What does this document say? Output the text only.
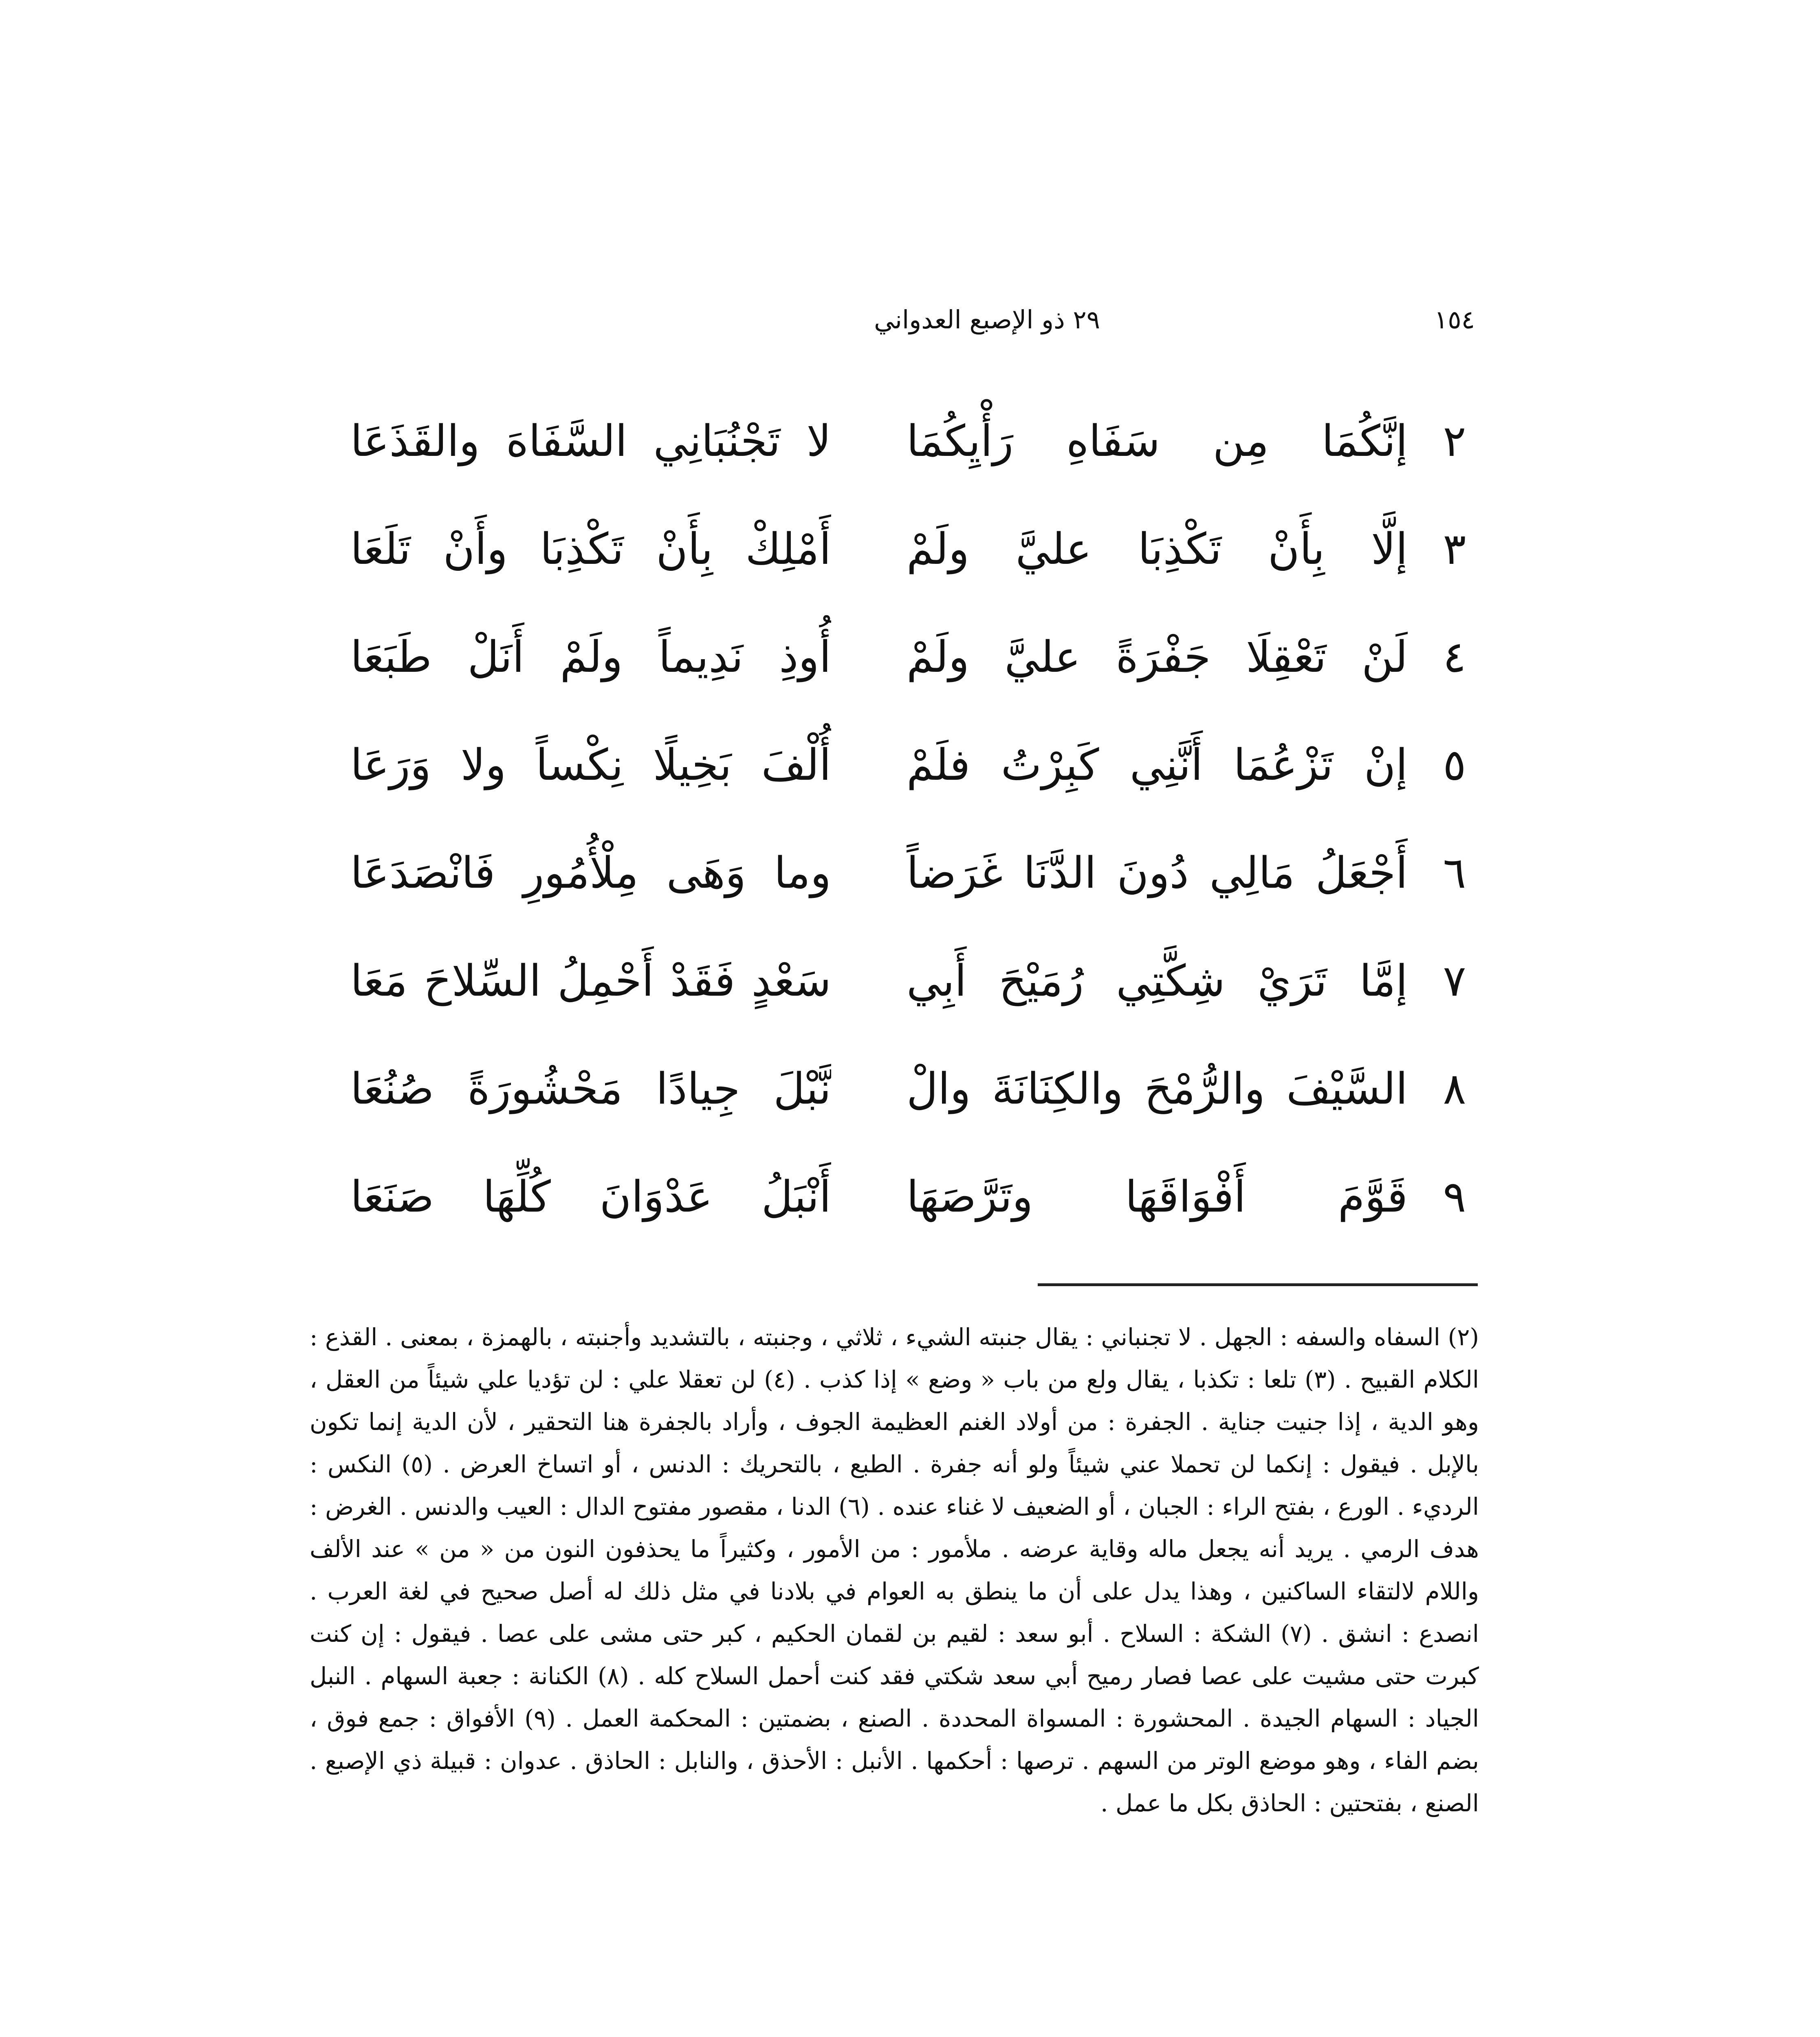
١٥٤
٢٩ ذو الإصبع العدواني
٢
إنَّكُمَا مِن سَفَاهِ رَأْيِكُمَا
لا تَجْنُبَانِي السَّفَاهَ والقَذَعَا
٣
إلَّا بِأَنْ تَكْذِبَا عليَّ ولَمْ
أَمْلِكْ بِأَنْ تَكْذِبَا وأَنْ تَلَعَا
٤
لَنْ تَعْقِلَا جَفْرَةً عليَّ ولَمْ
أُوذِ نَدِيماً ولَمْ أَنَلْ طَبَعَا
٥
إنْ تَزْعُمَا أَنَّنِي كَبِرْتُ فلَمْ
أُلْفَ بَخِيلًا نِكْساً ولا وَرَعَا
٦
أَجْعَلُ مَالِي دُونَ الدَّنَا غَرَضاً
وما وَهَى مِلْأُمُورِ فَانْصَدَعَا
٧
إمَّا تَرَيْ شِكَّتِي رُمَيْحَ أَبِي
سَعْدٍ فَقَدْ أَحْمِلُ السِّلاحَ مَعَا
٨
السَّيْفَ والرُّمْحَ والكِنَانَةَ والْ
نَّبْلَ جِيادًا مَحْشُورَةً صُنُعَا
٩
قَوَّمَ أَفْوَاقَهَا وتَرَّصَهَا
أَنْبَلُ عَدْوَانَ كُلِّهَا صَنَعَا

(٢) السفاه والسفه : الجهل . لا تجنباني : يقال جنبته الشيء ، ثلاثي ، وجنبته ، بالتشديد وأجنبته ، بالهمزة ، بمعنى . القذع : الكلام القبيح . (٣) تلعا : تكذبا ، يقال ولع من باب « وضع » إذا كذب . (٤) لن تعقلا علي : لن تؤديا علي شيئاً من العقل ، وهو الدية ، إذا جنيت جناية . الجفرة : من أولاد الغنم العظيمة الجوف ، وأراد بالجفرة هنا التحقير ، لأن الدية إنما تكون بالإبل . فيقول : إنكما لن تحملا عني شيئاً ولو أنه جفرة . الطبع ، بالتحريك : الدنس ، أو اتساخ العرض . (٥) النكس : الرديء . الورع ، بفتح الراء : الجبان ، أو الضعيف لا غناء عنده . (٦) الدنا ، مقصور مفتوح الدال : العيب والدنس . الغرض : هدف الرمي . يريد أنه يجعل ماله وقاية عرضه . ملأمور : من الأمور ، وكثيراً ما يحذفون النون من « من » عند الألف واللام لالتقاء الساكنين ، وهذا يدل على أن ما ينطق به العوام في بلادنا في مثل ذلك له أصل صحيح في لغة العرب . انصدع : انشق . (٧) الشكة : السلاح . أبو سعد : لقيم بن لقمان الحكيم ، كبر حتى مشى على عصا . فيقول : إن كنت كبرت حتى مشيت على عصا فصار رميح أبي سعد شكتي فقد كنت أحمل السلاح كله . (٨) الكنانة : جعبة السهام . النبل الجياد : السهام الجيدة . المحشورة : المسواة المحددة . الصنع ، بضمتين : المحكمة العمل . (٩) الأفواق : جمع فوق ، بضم الفاء ، وهو موضع الوتر من السهم . ترصها : أحكمها . الأنبل : الأحذق ، والنابل : الحاذق . عدوان : قبيلة ذي الإصبع . الصنع ، بفتحتين : الحاذق بكل ما عمل .
